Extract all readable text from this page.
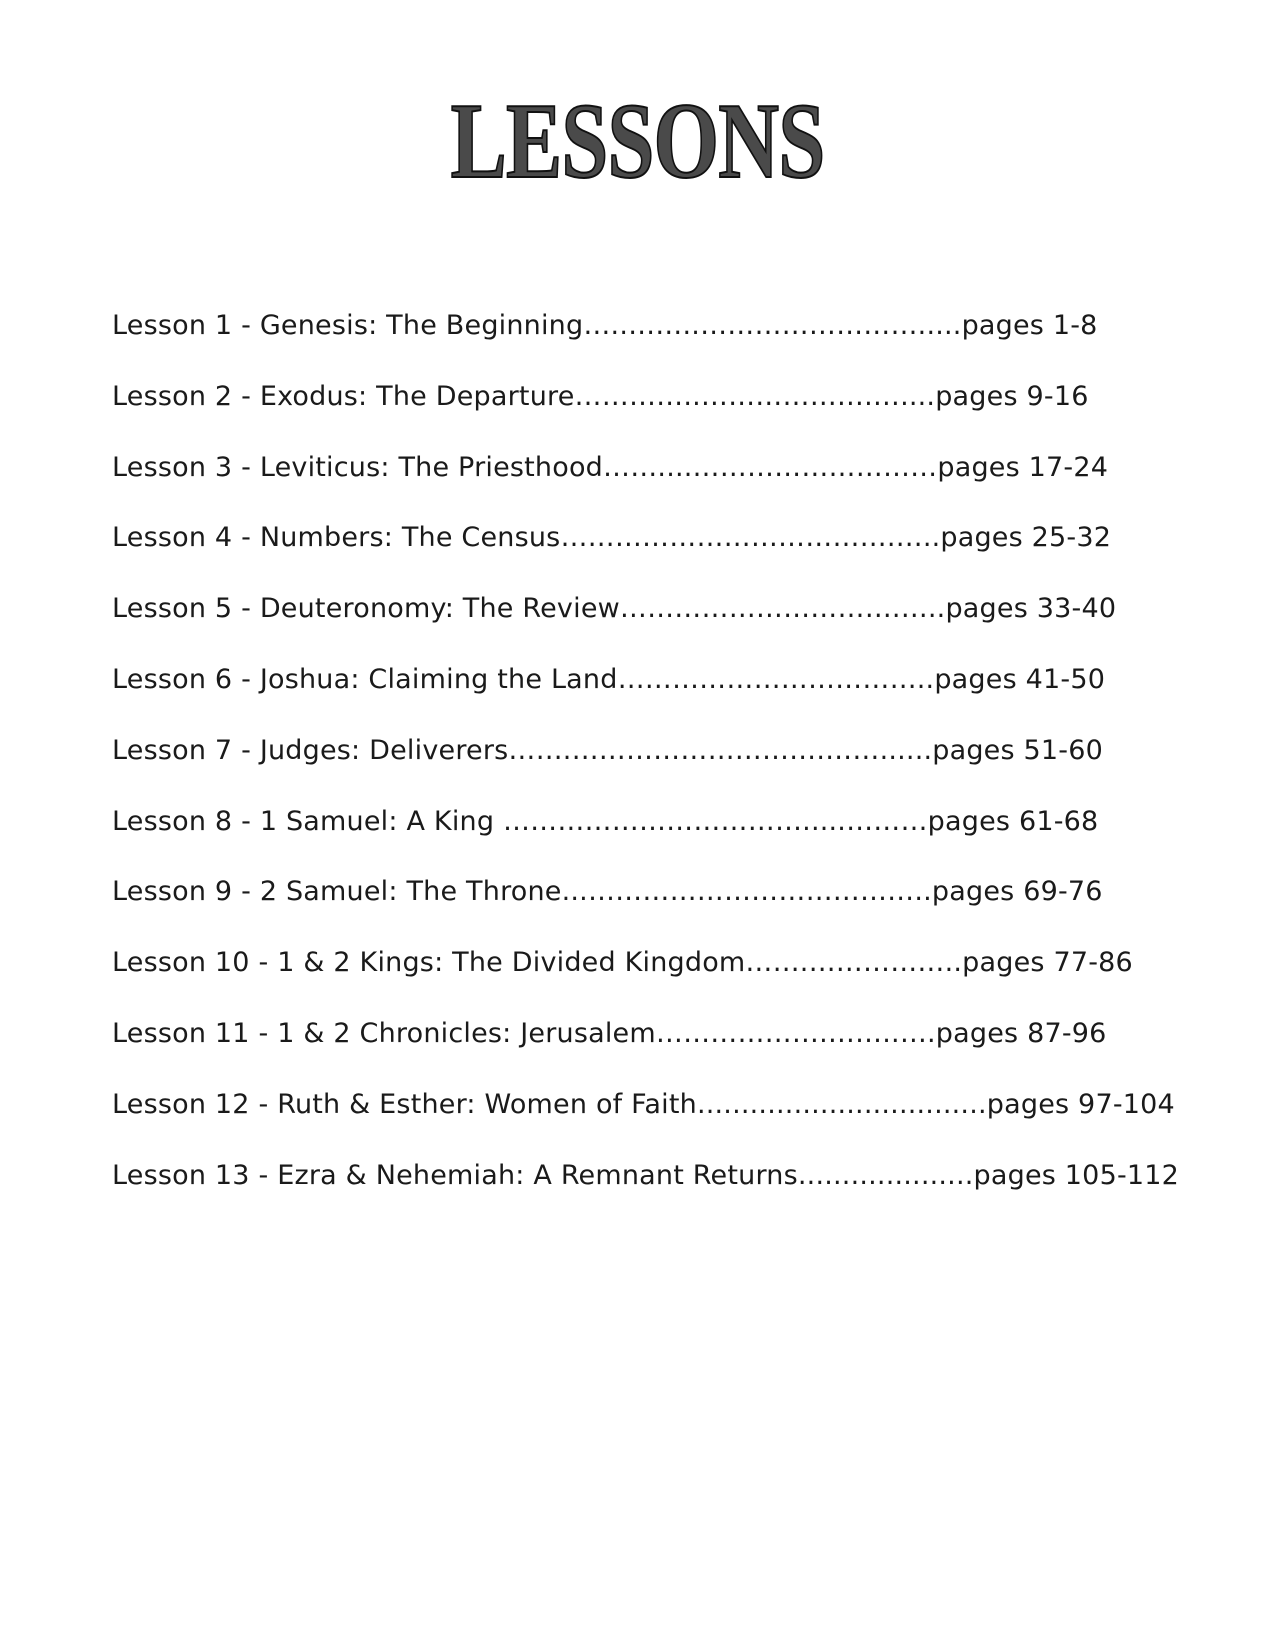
LESSONS
Lesson 1 - Genesis: The Beginning…..……..…………………….....pages 1-8
Lesson 2 - Exodus: The Departure…………..……………….…....pages 9-16
Lesson 3 - Leviticus: The Priesthood……....………………………pages 17-24
Lesson 4 - Numbers: The Census……………………………….…..pages 25-32
Lesson 5 - Deuteronomy: The Review………………………….…..pages 33-40
Lesson 6 - Joshua: Claiming the Land……………………………..pages 41-50
Lesson 7 - Judges: Deliverers…….……………………….……......pages 51-60
Lesson 8 - 1 Samuel: A King …………………………….....………pages 61-68
Lesson 9 - 2 Samuel: The Throne...………………………………..pages 69-76
Lesson 10 - 1 & 2 Kings: The Divided Kingdom…….……………..pages 77-86
Lesson 11 - 1 & 2 Chronicles: Jerusalem……………….……..….pages 87-96
Lesson 12 - Ruth & Esther: Women of Faith.................................pages 97-104
Lesson 13 - Ezra & Nehemiah: A Remnant Returns....................pages 105-112
